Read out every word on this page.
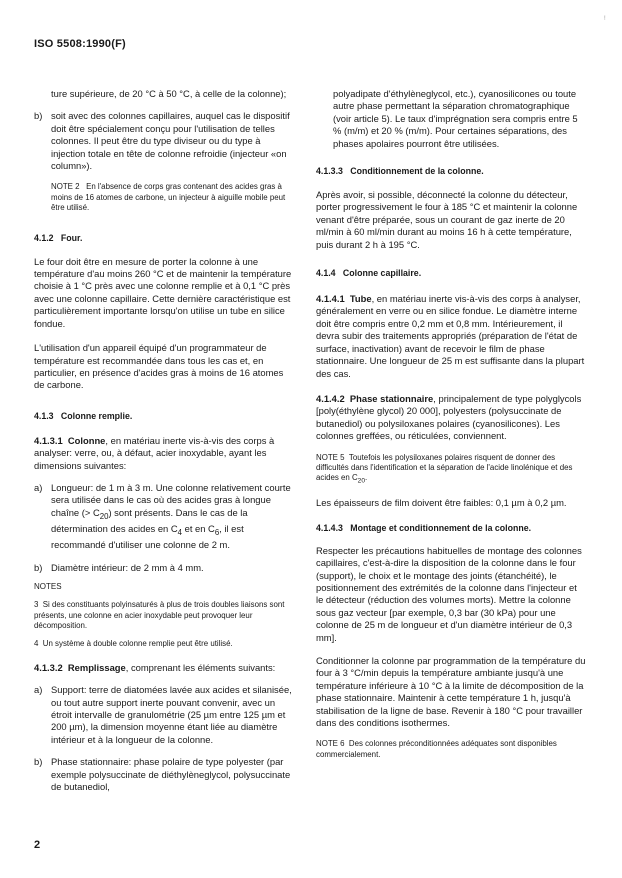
ISO 5508:1990(F)
!

ture supérieure, de 20 °C à 50 °C, à celle de la colonne);

b) soit avec des colonnes capillaires, auquel cas le dispositif doit être spécialement conçu pour l'utilisation de telles colonnes. Il peut être du type diviseur ou du type à injection totale en tête de colonne refroidie (injecteur «on column»).

NOTE 2 En l'absence de corps gras contenant des acides gras à moins de 16 atomes de carbone, un injecteur à aiguille mobile peut être utilisé.

4.1.2 Four.

Le four doit être en mesure de porter la colonne à une température d'au moins 260 °C et de maintenir la température choisie à 1 °C près avec une colonne remplie et à 0,1 °C près avec une colonne capillaire. Cette dernière caractéristique est particulièrement importante lorsqu'on utilise un tube en silice fondue.

L'utilisation d'un appareil équipé d'un programmateur de température est recommandée dans tous les cas et, en particulier, en présence d'acides gras à moins de 16 atomes de carbone.

4.1.3 Colonne remplie.

4.1.3.1 Colonne, en matériau inerte vis-à-vis des corps à analyser: verre, ou, à défaut, acier inoxydable, ayant les dimensions suivantes:

a) Longueur: de 1 m à 3 m. Une colonne relativement courte sera utilisée dans le cas où des acides gras à longue chaîne (> $C_{20}$) sont présents. Dans le cas de la détermination des acides en $C_4$ et en $C_6$, il est recommandé d'utiliser une colonne de 2 m.

b) Diamètre intérieur: de 2 mm à 4 mm.

NOTES

3 Si des constituants polyinsaturés à plus de trois doubles liaisons sont présents, une colonne en acier inoxydable peut provoquer leur décomposition.

4 Un système à double colonne remplie peut être utilisé.

4.1.3.2 Remplissage, comprenant les éléments suivants:

a) Support: terre de diatomées lavée aux acides et silanisée, ou tout autre support inerte pouvant convenir, avec un étroit intervalle de granulométrie (25 µm entre 125 µm et 200 µm), la dimension moyenne étant liée au diamètre intérieur et à la longueur de la colonne.

b) Phase stationnaire: phase polaire de type polyester (par exemple polysuccinate de diéthylèneglycol, polysuccinate de butanediol,

polyadipate d'éthylèneglycol, etc.), cyanosilicones ou toute autre phase permettant la séparation chromatographique (voir article 5). Le taux d'imprégnation sera compris entre 5 % (m/m) et 20 % (m/m). Pour certaines séparations, des phases apolaires pourront être utilisées.

4.1.3.3 Conditionnement de la colonne.

Après avoir, si possible, déconnecté la colonne du détecteur, porter progressivement le four à 185 °C et maintenir la colonne venant d'être préparée, sous un courant de gaz inerte de 20 ml/min à 60 ml/min durant au moins 16 h à cette température, puis durant 2 h à 195 °C.

4.1.4 Colonne capillaire.

4.1.4.1 Tube, en matériau inerte vis-à-vis des corps à analyser, généralement en verre ou en silice fondue. Le diamètre interne doit être compris entre 0,2 mm et 0,8 mm. Intérieurement, il devra subir des traitements appropriés (préparation de l'état de surface, inactivation) avant de recevoir le film de phase stationnaire. Une longueur de 25 m est suffisante dans la plupart des cas.

4.1.4.2 Phase stationnaire, principalement de type polyglycols [poly(éthylène glycol) 20 000], polyesters (polysuccinate de butanediol) ou polysiloxanes polaires (cyanosilicones). Les colonnes greffées, ou réticulées, conviennent.

NOTE 5 Toutefois les polysiloxanes polaires risquent de donner des difficultés dans l'identification et la séparation de l'acide linolénique et des acides en $C_{20}$.

Les épaisseurs de film doivent être faibles: 0,1 µm à 0,2 µm.

4.1.4.3 Montage et conditionnement de la colonne.

Respecter les précautions habituelles de montage des colonnes capillaires, c'est-à-dire la disposition de la colonne dans le four (support), le choix et le montage des joints (étanchéité), le positionnement des extrémités de la colonne dans l'injecteur et le détecteur (réduction des volumes morts). Mettre la colonne sous gaz vecteur [par exemple, 0,3 bar (30 kPa) pour une colonne de 25 m de longueur et d'un diamètre intérieur de 0,3 mm].

Conditionner la colonne par programmation de la température du four à 3 °C/min depuis la température ambiante jusqu'à une température inférieure à 10 °C à la limite de décomposition de la phase stationnaire. Maintenir à cette température 1 h, jusqu'à stabilisation de la ligne de base. Revenir à 180 °C pour travailler dans des conditions isothermes.

NOTE 6 Des colonnes préconditionnées adéquates sont disponibles commercialement.

2
